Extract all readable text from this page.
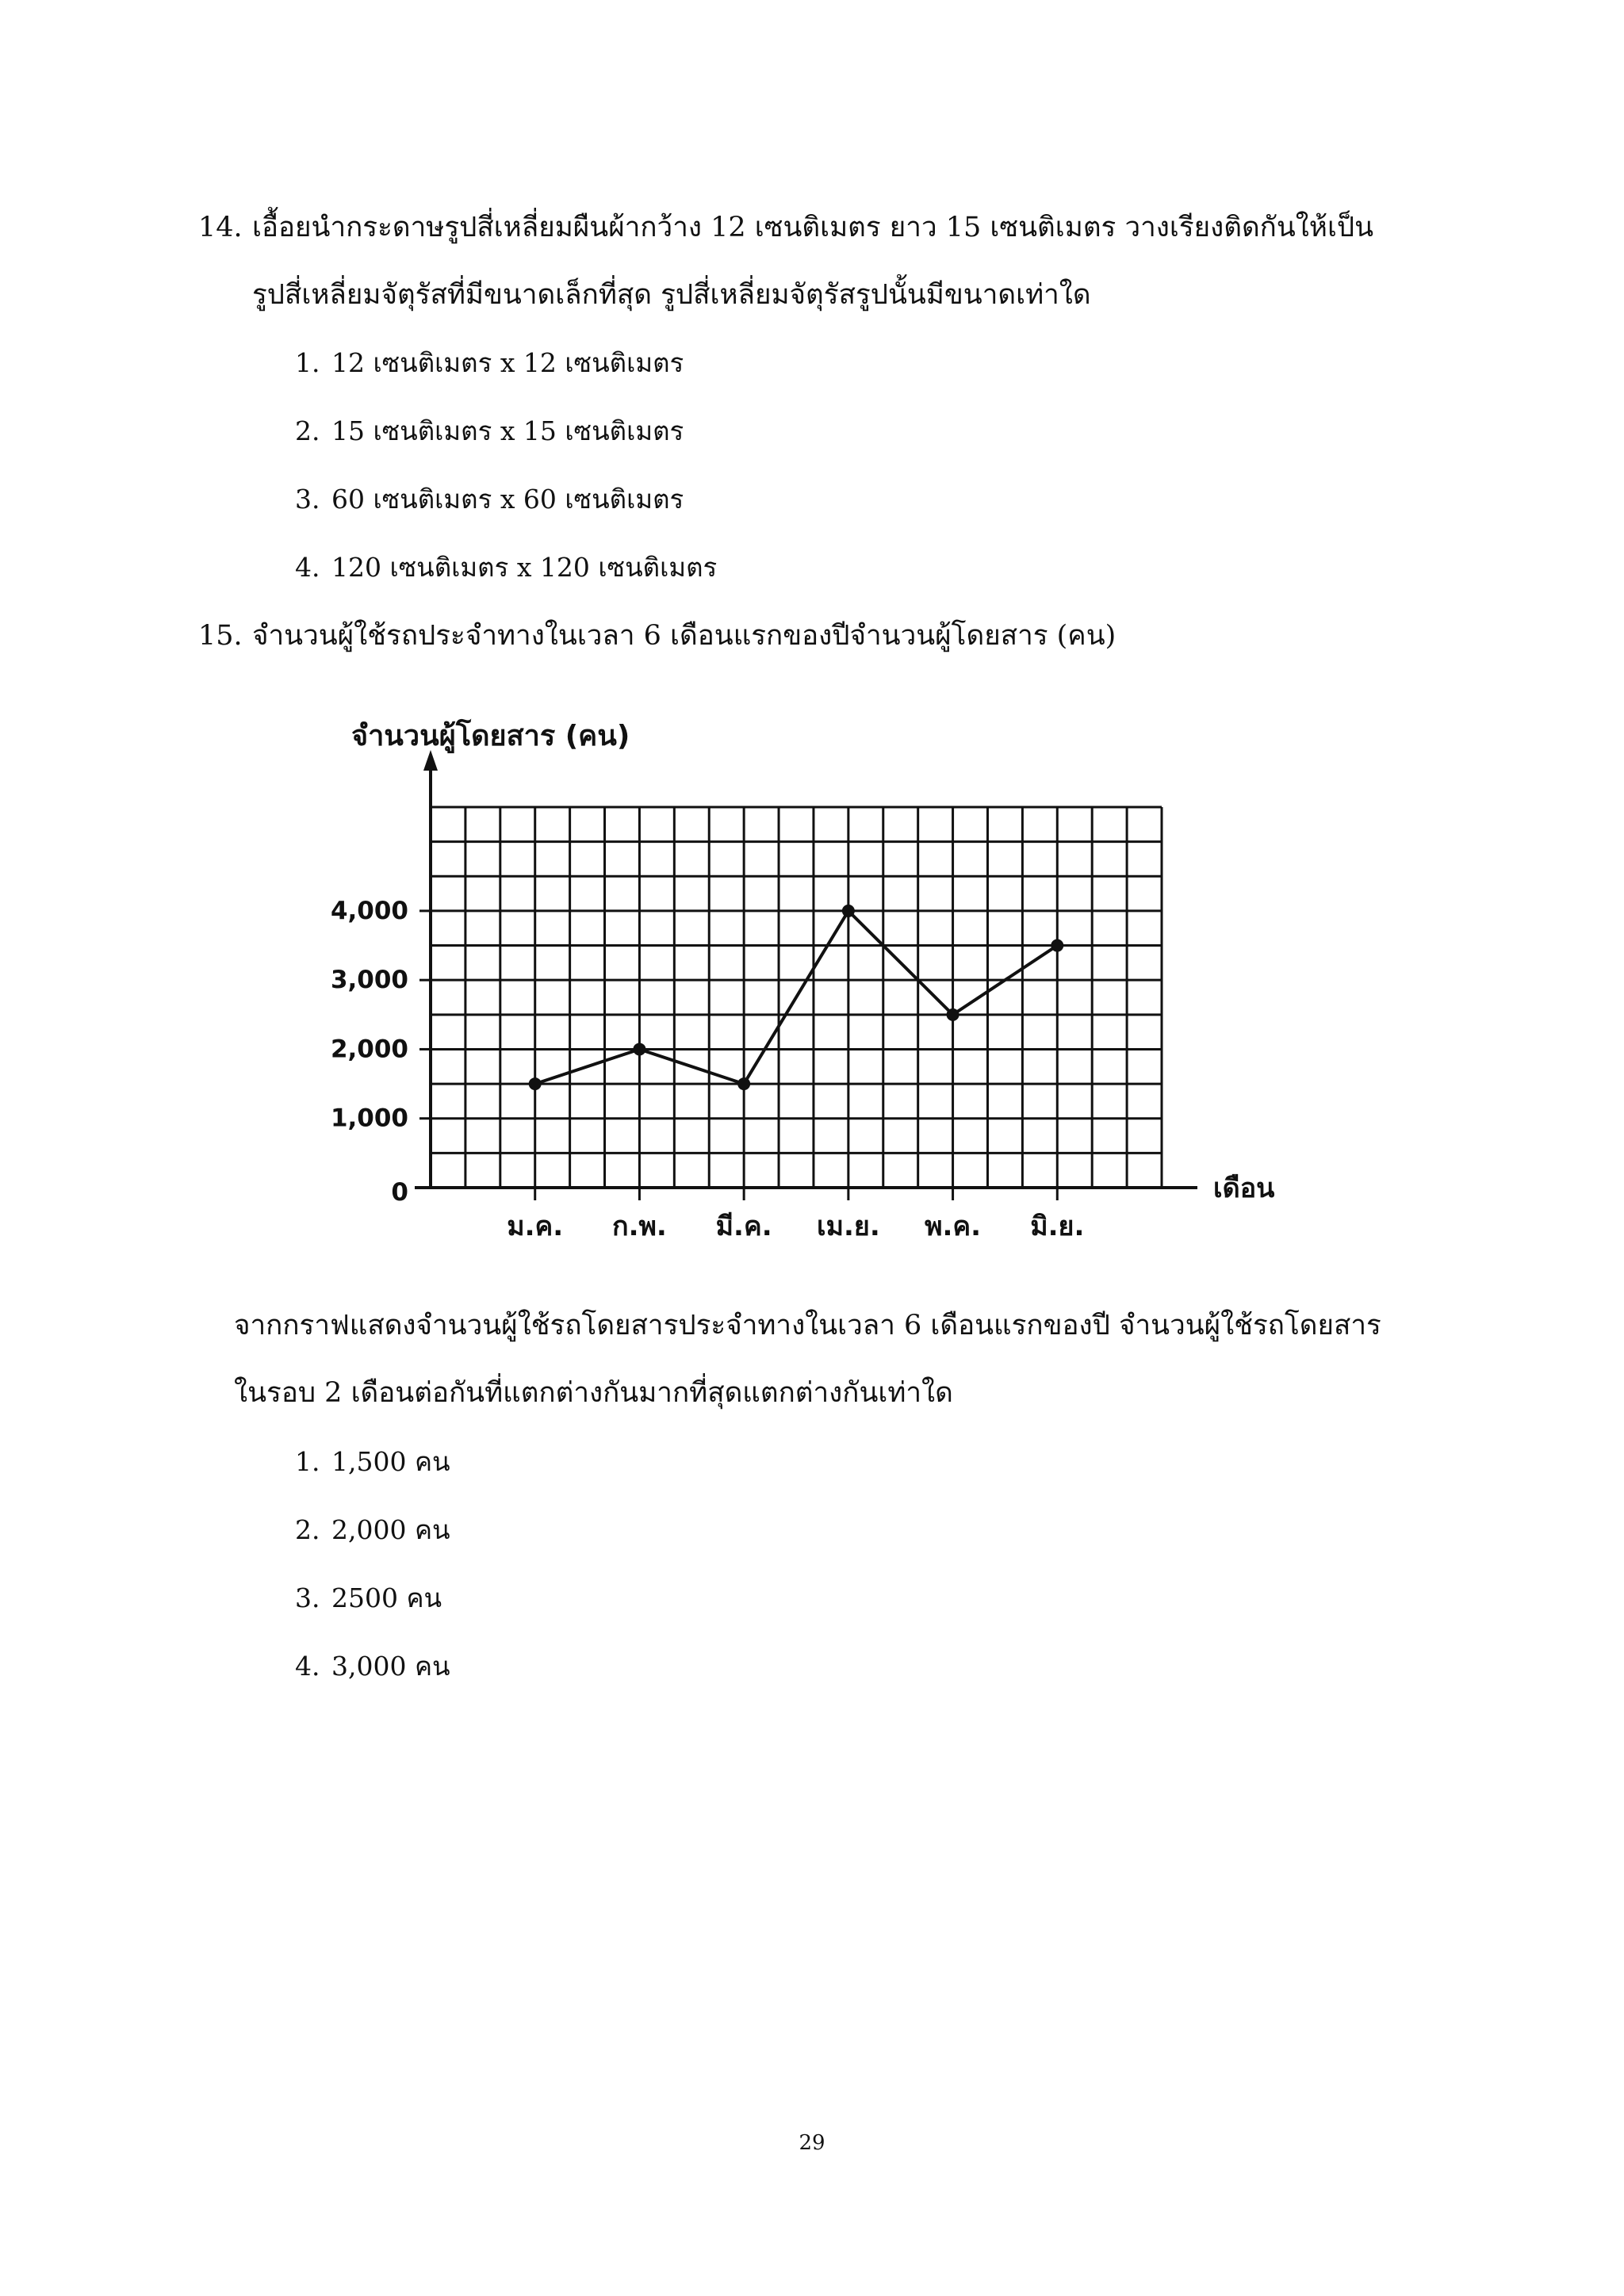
14. เอื้อยนำกระดาษรูปสี่เหลี่ยมผืนผ้ากว้าง 12 เซนติเมตร ยาว 15 เซนติเมตร วางเรียงติดกันให้เป็น
รูปสี่เหลี่ยมจัตุรัสที่มีขนาดเล็กที่สุด รูปสี่เหลี่ยมจัตุรัสรูปนั้นมีขนาดเท่าใด
1. 12 เซนติเมตร x 12 เซนติเมตร
2. 15 เซนติเมตร x 15 เซนติเมตร
3. 60 เซนติเมตร x 60 เซนติเมตร
4. 120 เซนติเมตร x 120 เซนติเมตร
15. จำนวนผู้ใช้รถประจำทางในเวลา 6 เดือนแรกของปีจำนวนผู้โดยสาร (คน)
0
1,000
2,000
3,000
4,000
ม.ค. ก.พ. มี.ค. เม.ย. พ.ค. มิ.ย.
จำนวนผู้โดยสาร (คน)
เดือน
จากกราฟแสดงจำนวนผู้ใช้รถโดยสารประจำทางในเวลา 6 เดือนแรกของปี จำนวนผู้ใช้รถโดยสาร
ในรอบ 2 เดือนต่อกันที่แตกต่างกันมากที่สุดแตกต่างกันเท่าใด
1. 1,500 คน
2. 2,000 คน
3. 2500 คน
4. 3,000 คน
29
